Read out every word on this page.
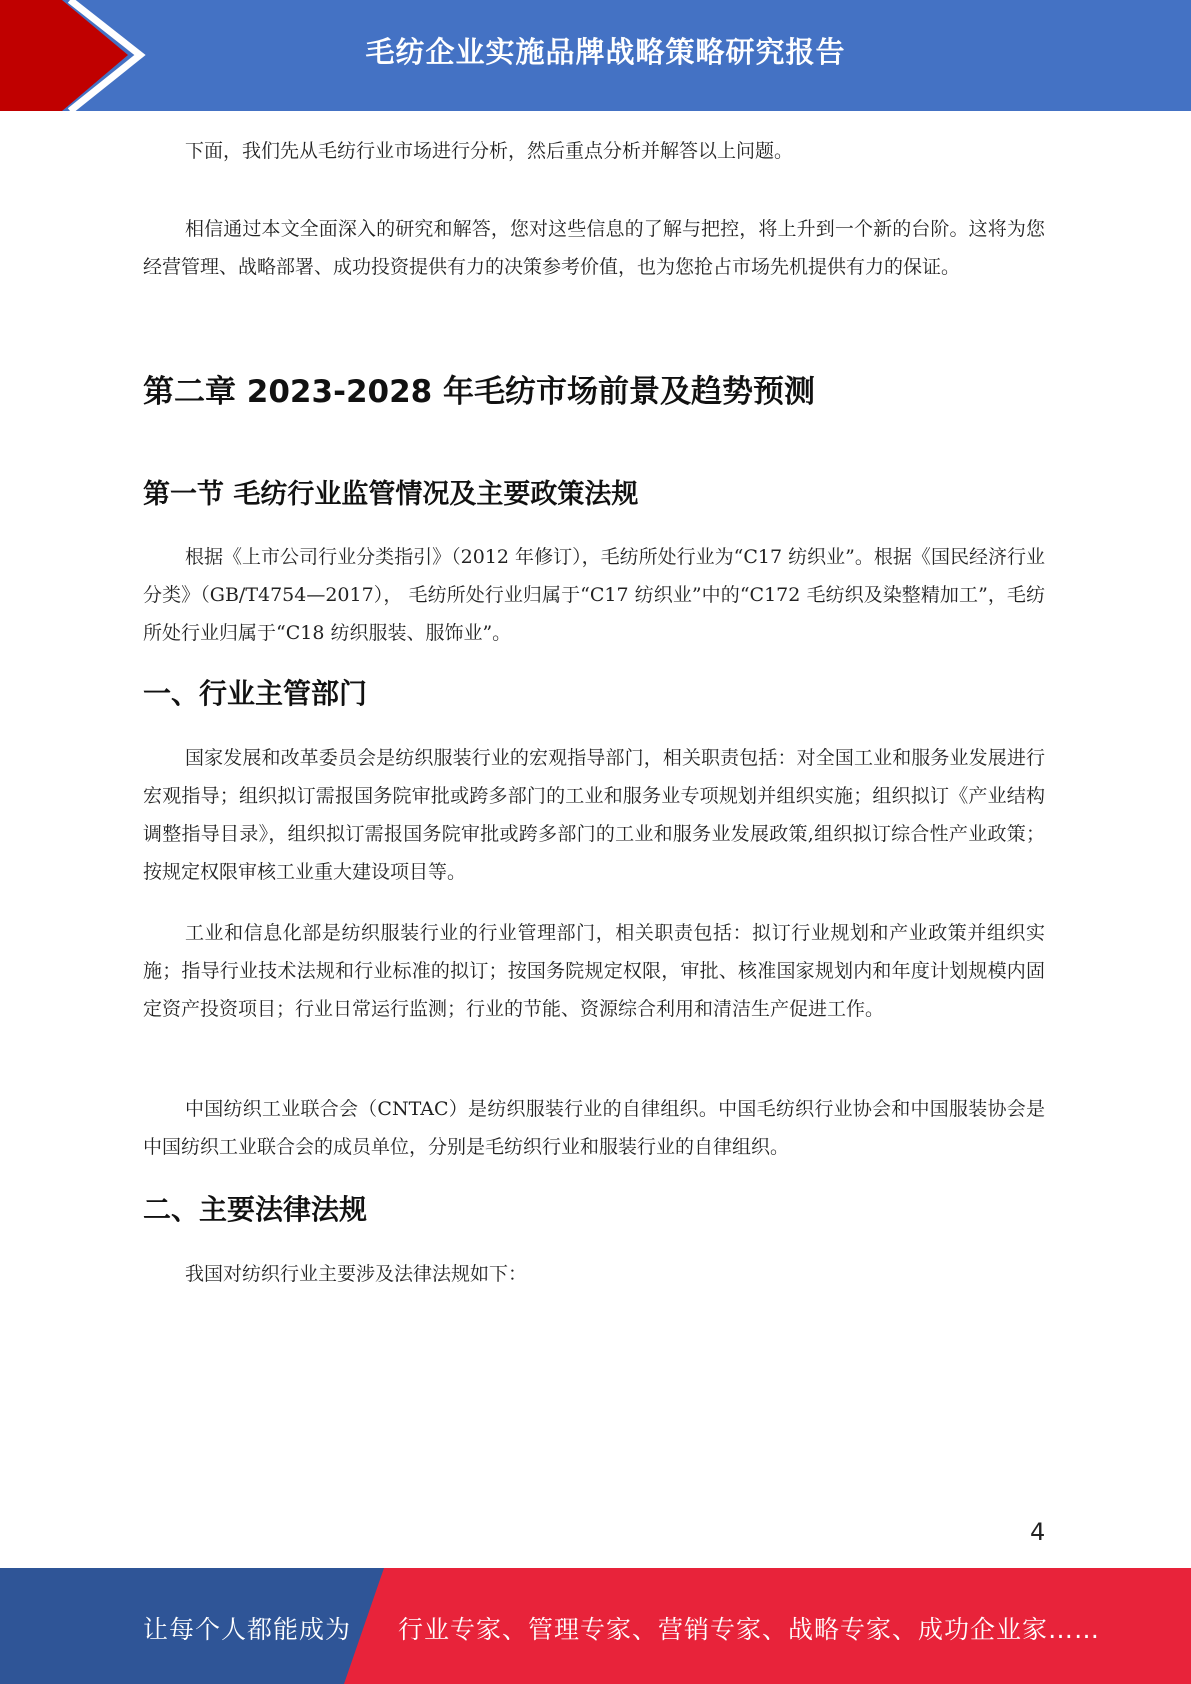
毛纺企业实施品牌战略策略研究报告

下面，我们先从毛纺行业市场进行分析，然后重点分析并解答以上问题。

相信通过本文全面深入的研究和解答，您对这些信息的了解与把控，将上升到一个新的台阶。这将为您经营管理、战略部署、成功投资提供有力的决策参考价值，也为您抢占市场先机提供有力的保证。

第二章 2023-2028 年毛纺市场前景及趋势预测
第一节 毛纺行业监管情况及主要政策法规

根据《上市公司行业分类指引》（2012 年修订），毛纺所处行业为“C17 纺织业”。根据《国民经济行业分类》（GB/T4754—2017）， 毛纺所处行业归属于“C17 纺织业”中的“C172 毛纺织及染整精加工”，毛纺所处行业归属于“C18 纺织服装、服饰业”。

一、行业主管部门

国家发展和改革委员会是纺织服装行业的宏观指导部门，相关职责包括：对全国工业和服务业发展进行宏观指导；组织拟订需报国务院审批或跨多部门的工业和服务业专项规划并组织实施；组织拟订《产业结构调整指导目录》，组织拟订需报国务院审批或跨多部门的工业和服务业发展政策,组织拟订综合性产业政策；按规定权限审核工业重大建设项目等。

工业和信息化部是纺织服装行业的行业管理部门，相关职责包括：拟订行业规划和产业政策并组织实施；指导行业技术法规和行业标准的拟订；按国务院规定权限，审批、核准国家规划内和年度计划规模内固定资产投资项目；行业日常运行监测；行业的节能、资源综合利用和清洁生产促进工作。

中国纺织工业联合会（CNTAC）是纺织服装行业的自律组织。中国毛纺织行业协会和中国服装协会是中国纺织工业联合会的成员单位，分别是毛纺织行业和服装行业的自律组织。

二、主要法律法规

我国对纺织行业主要涉及法律法规如下：

4
让每个人都能成为 行业专家、管理专家、营销专家、战略专家、成功企业家……
